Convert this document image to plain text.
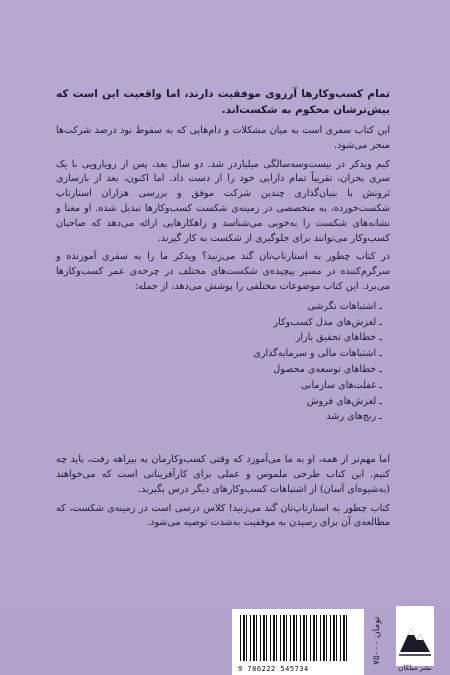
تمام کسب‌وکارها آرزوی موفقیت دارند، اما واقعیت این است که بیش‌ترشان محکوم به شکست‌اند.

این کتاب سفری است به میان مشکلات و دام‌هایی که به سقوط نود درصد شرکت‌ها منجر می‌شود.

کیم ویدکر در بیست‌وسه‌سالگی میلیاردر شد. دو سال بعد، پس از رویارویی با یک سری بحران، تقریباً تمام دارایی خود را از دست داد. اما اکنون، بعد از بازسازی ثروتش با بنیان‌گذاری چندین شرکت موفق و بررسی هزاران استارتاپ شکست‌خورده، به متخصصی در زمینه‌ی شکست کسب‌وکارها تبدیل شده. او معنا و نشانه‌های شکست را به‌خوبی می‌شناسد و راهکارهایی ارائه می‌دهد که صاحبان کسب‌وکار می‌توانند برای جلوگیری از شکست به کار گیرند.

در کتاب چطور به استارتاپ‌تان گند می‌زنید؟ ویدکر ما را به سفری آموزنده و سرگرم‌کننده در مسیر پیچیده‌ی شکست‌های مختلف در چرخه‌ی عمر کسب‌وکارها می‌برد. این کتاب موضوعات مختلفی را پوشش می‌دهد، از جمله:

ـ اشتباهات نگرشی
ـ لغزش‌های مدل کسب‌وکار
ـ خطاهای تحقیق بازار
ـ اشتباهات مالی و سرمایه‌گذاری
ـ خطاهای توسعه‌ی محصول
ـ غفلت‌های سازمانی
ـ لغزش‌های فروش
ـ رنج‌های رشد

اما مهم‌تر از همه، او به ما می‌آموزد که وقتی کسب‌وکارمان به بیراهه رفت، باید چه کنیم. این کتاب طرحی ملموس و عملی برای کارآفرینانی است که می‌خواهند (به‌شیوه‌ای آسان) از اشتباهات کسب‌وکارهای دیگر درس بگیرند.

کتاب چطور به استارتاپ‌تان گند می‌زنید! کلاس درسی است در زمینه‌ی شکست، که مطالعه‌ی آن برای رسیدن به موفقیت به‌شدت توصیه می‌شود.

9 786222 545734
۷۵۰۰۰ تومان
نشر میلکان
